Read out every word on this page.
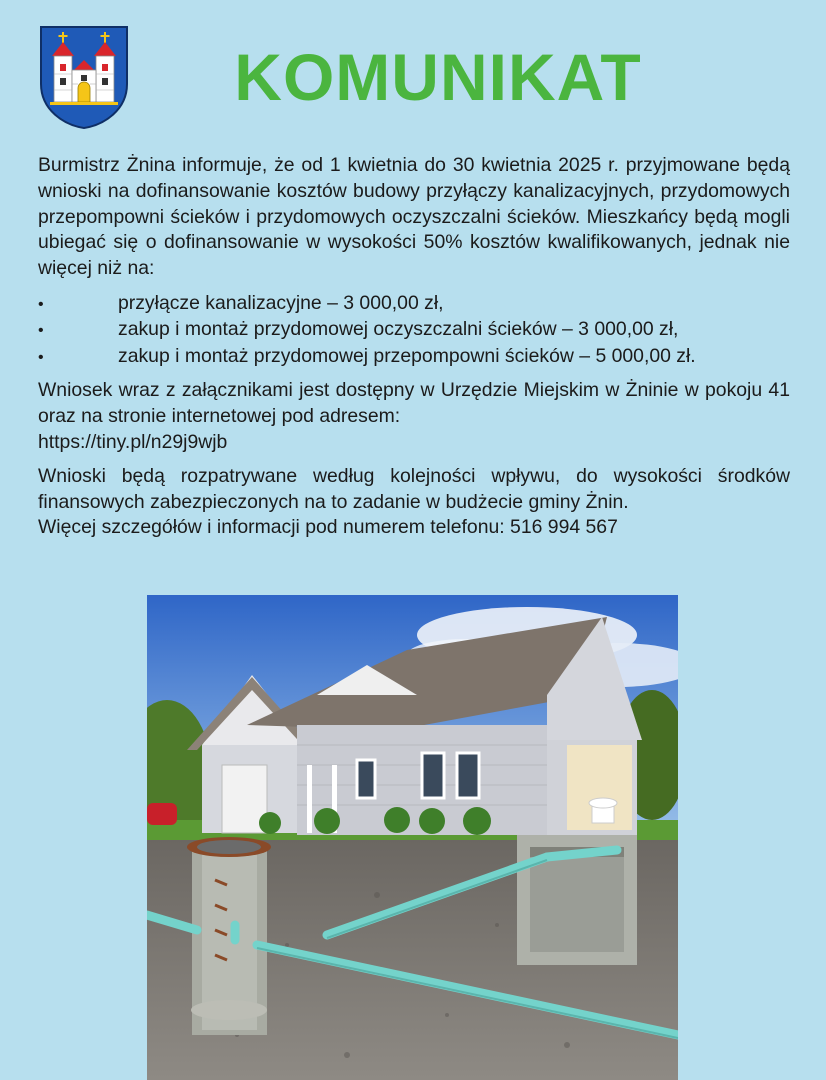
KOMUNIKAT

Burmistrz Żnina informuje, że od 1 kwietnia do 30 kwietnia 2025 r. przyjmowane będą wnioski na dofinansowanie kosztów budowy przyłączy kanalizacyjnych, przydomowych przepompowni ścieków i przydomowych oczyszczalni ścieków. Mieszkańcy będą mogli ubiegać się o dofinansowanie w wysokości 50% kosztów kwalifikowanych, jednak nie więcej niż na:

•	przyłącze kanalizacyjne – 3 000,00 zł,
•	zakup i montaż przydomowej oczyszczalni ścieków – 3 000,00 zł,
•	zakup i montaż przydomowej przepompowni ścieków – 5 000,00 zł.

Wniosek wraz z załącznikami jest dostępny w Urzędzie Miejskim w Żninie w pokoju 41 oraz na stronie internetowej pod adresem:

https://tiny.pl/n29j9wjb

Wnioski będą rozpatrywane według kolejności wpływu, do wysokości środków finansowych zabezpieczonych na to zadanie w budżecie gminy Żnin.

Więcej szczegółów i informacji pod numerem telefonu: 516 994 567
